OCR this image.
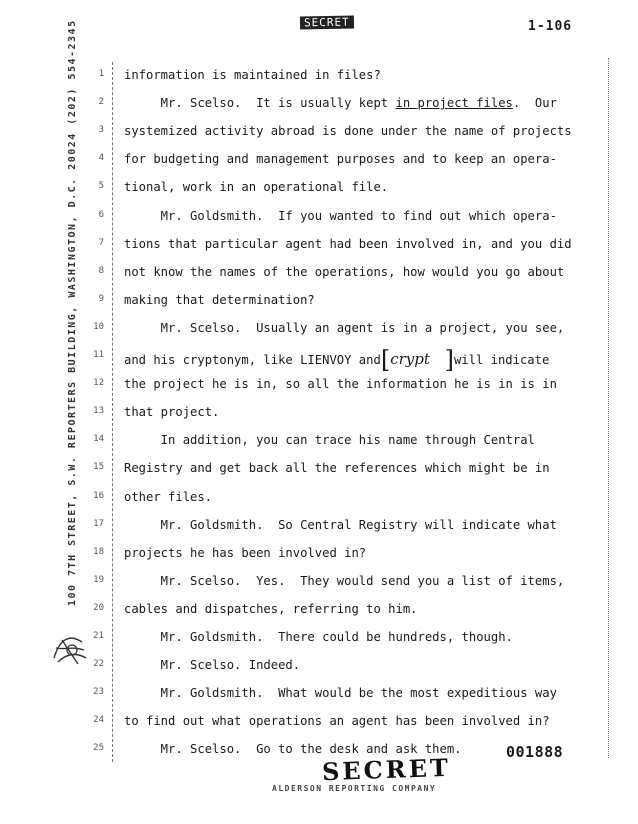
SECRET	1-106
100 7TH STREET, S.W. REPORTERS BUILDING, WASHINGTON, D.C. 20024 (202) 554-2345	1 information is maintained in files?
2 Mr. Scelso.  It is usually kept in project files.  Our
3 systemized activity abroad is done under the name of projects
4 for budgeting and management purposes and to keep an opera-
5 tional, work in an operational file.
6 Mr. Goldsmith.  If you wanted to find out which opera-
7 tions that particular agent had been involved in, and you did
8 not know the names of the operations, how would you go about
9 making that determination?
10 Mr. Scelso.  Usually an agent is in a project, you see,
11 and his cryptonym, like LIENVOY and[crypt ]will indicate
12 the project he is in, so all the information he is in is in
13 that project.
14 In addition, you can trace his name through Central
15 Registry and get back all the references which might be in
16 other files.
17 Mr. Goldsmith.  So Central Registry will indicate what
18 projects he has been involved in?
19 Mr. Scelso.  Yes.  They would send you a list of items,
20 cables and dispatches, referring to him.
21 Mr. Goldsmith.  There could be hundreds, though.
22 Mr. Scelso. Indeed.
23 Mr. Goldsmith.  What would be the most expeditious way
24 to find out what operations an agent has been involved in?
25 Mr. Scelso.  Go to the desk and ask them.	001888
SECRET
ALDERSON REPORTING COMPANY
